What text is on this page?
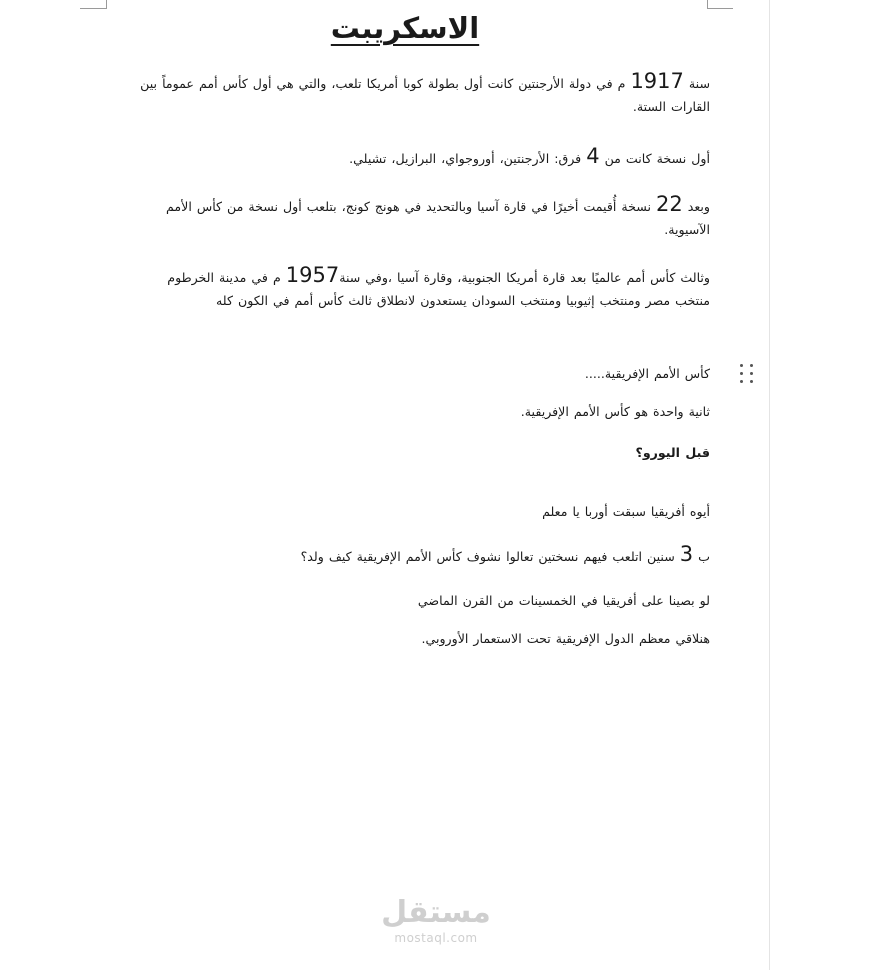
الاسكريبت

سنة 1917 م في دولة الأرجنتين كانت أول بطولة كوبا أمريكا تلعب، والتي هي أول كأس أمم عموماً بين القارات الستة.

أول نسخة كانت من 4 فرق: الأرجنتين، أوروجواي، البرازيل، تشيلي.

وبعد 22 نسخة أُقيمت أخيرًا في قارة آسيا وبالتحديد في هونج كونج، بتلعب أول نسخة من كأس الأمم الآسيوية.

وثالث كأس أمم عالميًا بعد قارة أمريكا الجنوبية، وقارة آسيا ،وفي سنة1957 م في مدينة الخرطوم منتخب مصر ومنتخب إثيوبيا ومنتخب السودان يستعدون لانطلاق ثالث كأس أمم في الكون كله

كأس الأمم الإفريقية.....

ثانية واحدة هو كأس الأمم الإفريقية.

قبل اليورو؟

أيوه أفريقيا سبقت أوربا يا معلم

ب 3 سنين اتلعب فيهم نسختين تعالوا نشوف كأس الأمم الإفريقية كيف ولد؟

لو بصينا على أفريقيا في الخمسينات من القرن الماضي

هنلاقي معظم الدول الإفريقية تحت الاستعمار الأوروبي.

مستقل
mostaql.com
